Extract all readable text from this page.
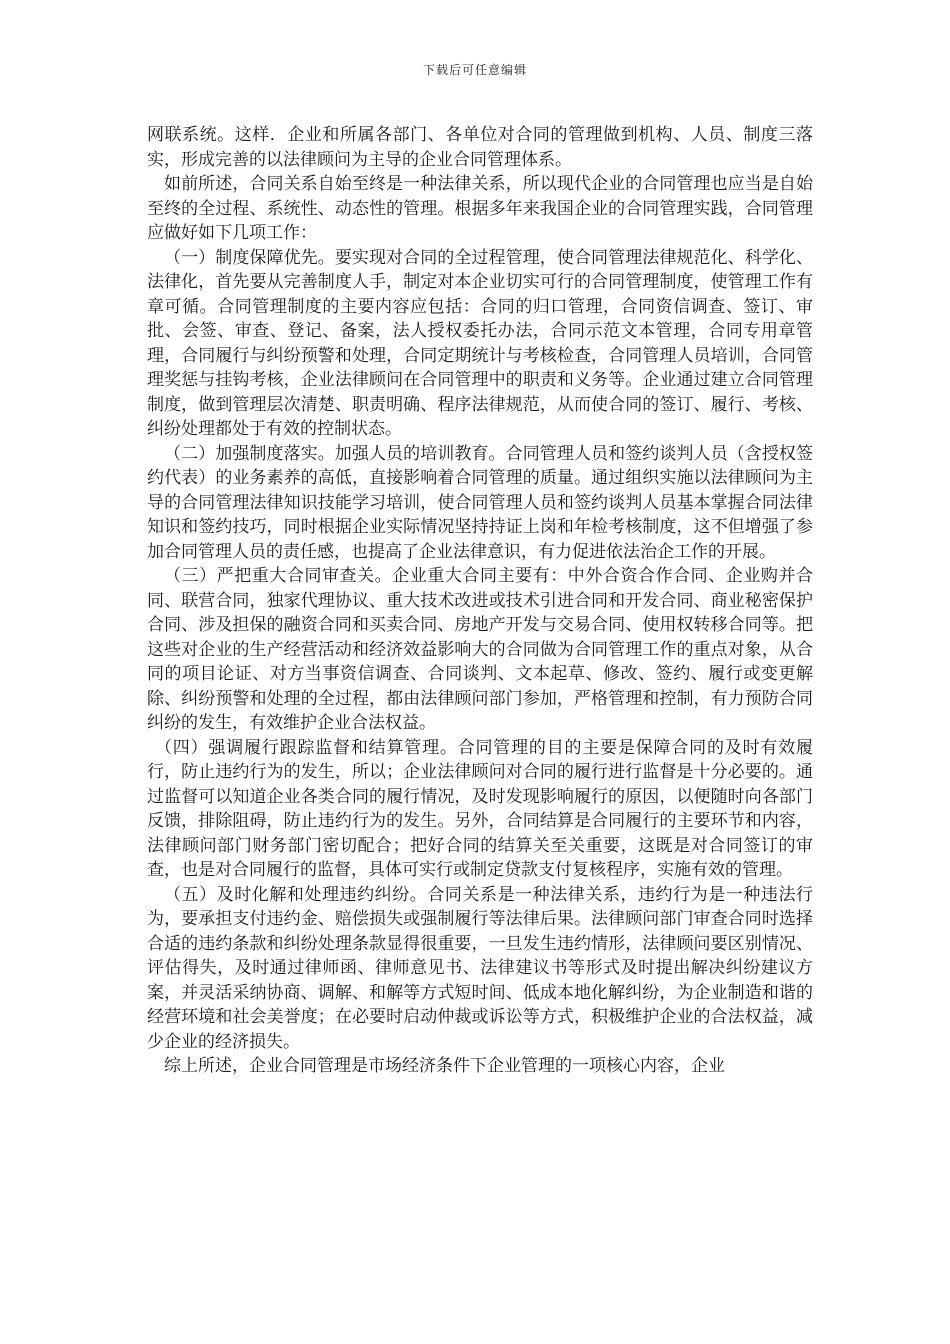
下载后可任意编辑

网联系统。这样．企业和所属各部门、各单位对合同的管理做到机构、人员、制度三落实，形成完善的以法律顾问为主导的企业合同管理体系。

如前所述，合同关系自始至终是一种法律关系，所以现代企业的合同管理也应当是自始至终的全过程、系统性、动态性的管理。根据多年来我国企业的合同管理实践，合同管理应做好如下几项工作：

（一）制度保障优先。要实现对合同的全过程管理，使合同管理法律规范化、科学化、法律化，首先要从完善制度人手，制定对本企业切实可行的合同管理制度，使管理工作有章可循。合同管理制度的主要内容应包括：合同的归口管理，合同资信调查、签订、审批、会签、审查、登记、备案，法人授权委托办法，合同示范文本管理，合同专用章管理，合同履行与纠纷预警和处理，合同定期统计与考核检查，合同管理人员培训，合同管理奖惩与挂钩考核，企业法律顾问在合同管理中的职责和义务等。企业通过建立合同管理制度，做到管理层次清楚、职责明确、程序法律规范，从而使合同的签订、履行、考核、纠纷处理都处于有效的控制状态。

（二）加强制度落实。加强人员的培训教育。合同管理人员和签约谈判人员（含授权签约代表）的业务素养的高低，直接影响着合同管理的质量。通过组织实施以法律顾问为主导的合同管理法律知识技能学习培训，使合同管理人员和签约谈判人员基本掌握合同法律知识和签约技巧，同时根据企业实际情况坚持持证上岗和年检考核制度，这不但增强了参加合同管理人员的责任感，也提高了企业法律意识，有力促进依法治企工作的开展。

（三）严把重大合同审查关。企业重大合同主要有：中外合资合作合同、企业购并合同、联营合同，独家代理协议、重大技术改进或技术引进合同和开发合同、商业秘密保护合同、涉及担保的融资合同和买卖合同、房地产开发与交易合同、使用权转移合同等。把这些对企业的生产经营活动和经济效益影响大的合同做为合同管理工作的重点对象，从合同的项目论证、对方当事资信调查、合同谈判、文本起草、修改、签约、履行或变更解除、纠纷预警和处理的全过程，都由法律顾问部门参加，严格管理和控制，有力预防合同纠纷的发生，有效维护企业合法权益。

（四）强调履行跟踪监督和结算管理。合同管理的目的主要是保障合同的及时有效履行，防止违约行为的发生，所以；企业法律顾问对合同的履行进行监督是十分必要的。通过监督可以知道企业各类合同的履行情况，及时发现影响履行的原因，以便随时向各部门反馈，排除阻碍，防止违约行为的发生。另外，合同结算是合同履行的主要环节和内容，法律顾问部门财务部门密切配合；把好合同的结算关至关重要，这既是对合同签订的审查，也是对合同履行的监督，具体可实行或制定贷款支付复核程序，实施有效的管理。

（五）及时化解和处理违约纠纷。合同关系是一种法律关系，违约行为是一种违法行为，要承担支付违约金、赔偿损失或强制履行等法律后果。法律顾问部门审查合同时选择合适的违约条款和纠纷处理条款显得很重要，一旦发生违约情形，法律顾问要区别情况、评估得失，及时通过律师函、律师意见书、法律建议书等形式及时提出解决纠纷建议方案，并灵活采纳协商、调解、和解等方式短时间、低成本地化解纠纷，为企业制造和谐的经营环境和社会美誉度；在必要时启动仲裁或诉讼等方式，积极维护企业的合法权益，减少企业的经济损失。

综上所述，企业合同管理是市场经济条件下企业管理的一项核心内容，企业
